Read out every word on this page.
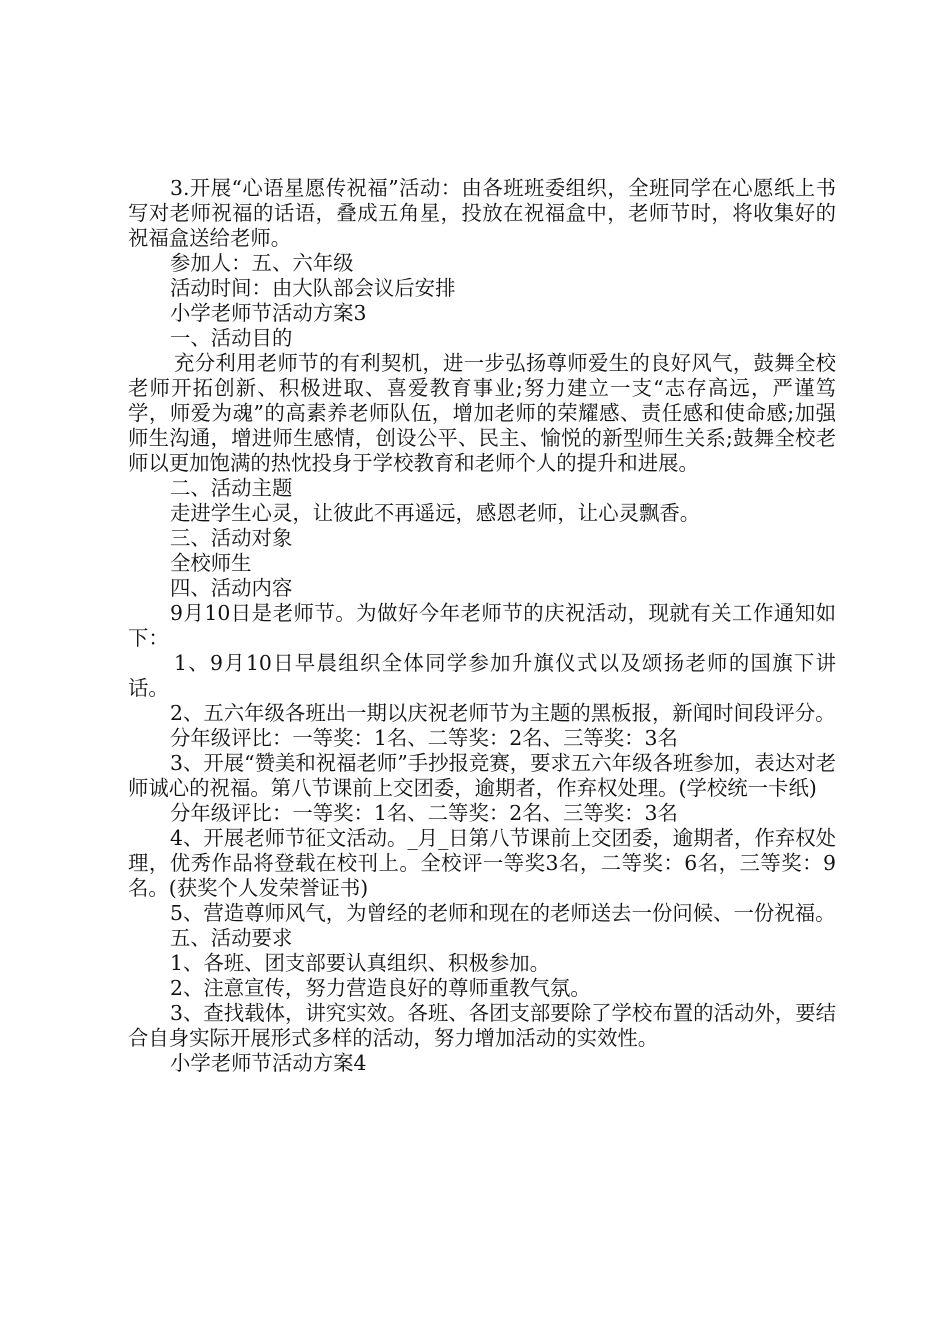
3.开展“心语星愿传祝福”活动：由各班班委组织，全班同学在心愿纸上书写对老师祝福的话语，叠成五角星，投放在祝福盒中，老师节时，将收集好的祝福盒送给老师。

参加人：五、六年级

活动时间：由大队部会议后安排

小学老师节活动方案3

一、活动目的

充分利用老师节的有利契机，进一步弘扬尊师爱生的良好风气，鼓舞全校老师开拓创新、积极进取、喜爱教育事业;努力建立一支“志存高远，严谨笃学，师爱为魂”的高素养老师队伍，增加老师的荣耀感、责任感和使命感;加强师生沟通，增进师生感情，创设公平、民主、愉悦的新型师生关系;鼓舞全校老师以更加饱满的热忱投身于学校教育和老师个人的提升和进展。

二、活动主题

走进学生心灵，让彼此不再遥远，感恩老师，让心灵飘香。

三、活动对象

全校师生

四、活动内容

9月10日是老师节。为做好今年老师节的庆祝活动，现就有关工作通知如下：

1、9月10日早晨组织全体同学参加升旗仪式以及颂扬老师的国旗下讲话。

2、五六年级各班出一期以庆祝老师节为主题的黑板报，新闻时间段评分。

分年级评比：一等奖：1名、二等奖：2名、三等奖：3名

3、开展“赞美和祝福老师”手抄报竞赛，要求五六年级各班参加，表达对老师诚心的祝福。第八节课前上交团委，逾期者，作弃权处理。(学校统一卡纸)

分年级评比：一等奖：1名、二等奖：2名、三等奖：3名

4、开展老师节征文活动。_月_日第八节课前上交团委，逾期者，作弃权处理，优秀作品将登载在校刊上。全校评一等奖3名，二等奖：6名，三等奖：9名。(获奖个人发荣誉证书)

5、营造尊师风气，为曾经的老师和现在的老师送去一份问候、一份祝福。

五、活动要求

1、各班、团支部要认真组织、积极参加。

2、注意宣传，努力营造良好的尊师重教气氛。

3、查找载体，讲究实效。各班、各团支部要除了学校布置的活动外，要结合自身实际开展形式多样的活动，努力增加活动的实效性。

小学老师节活动方案4
